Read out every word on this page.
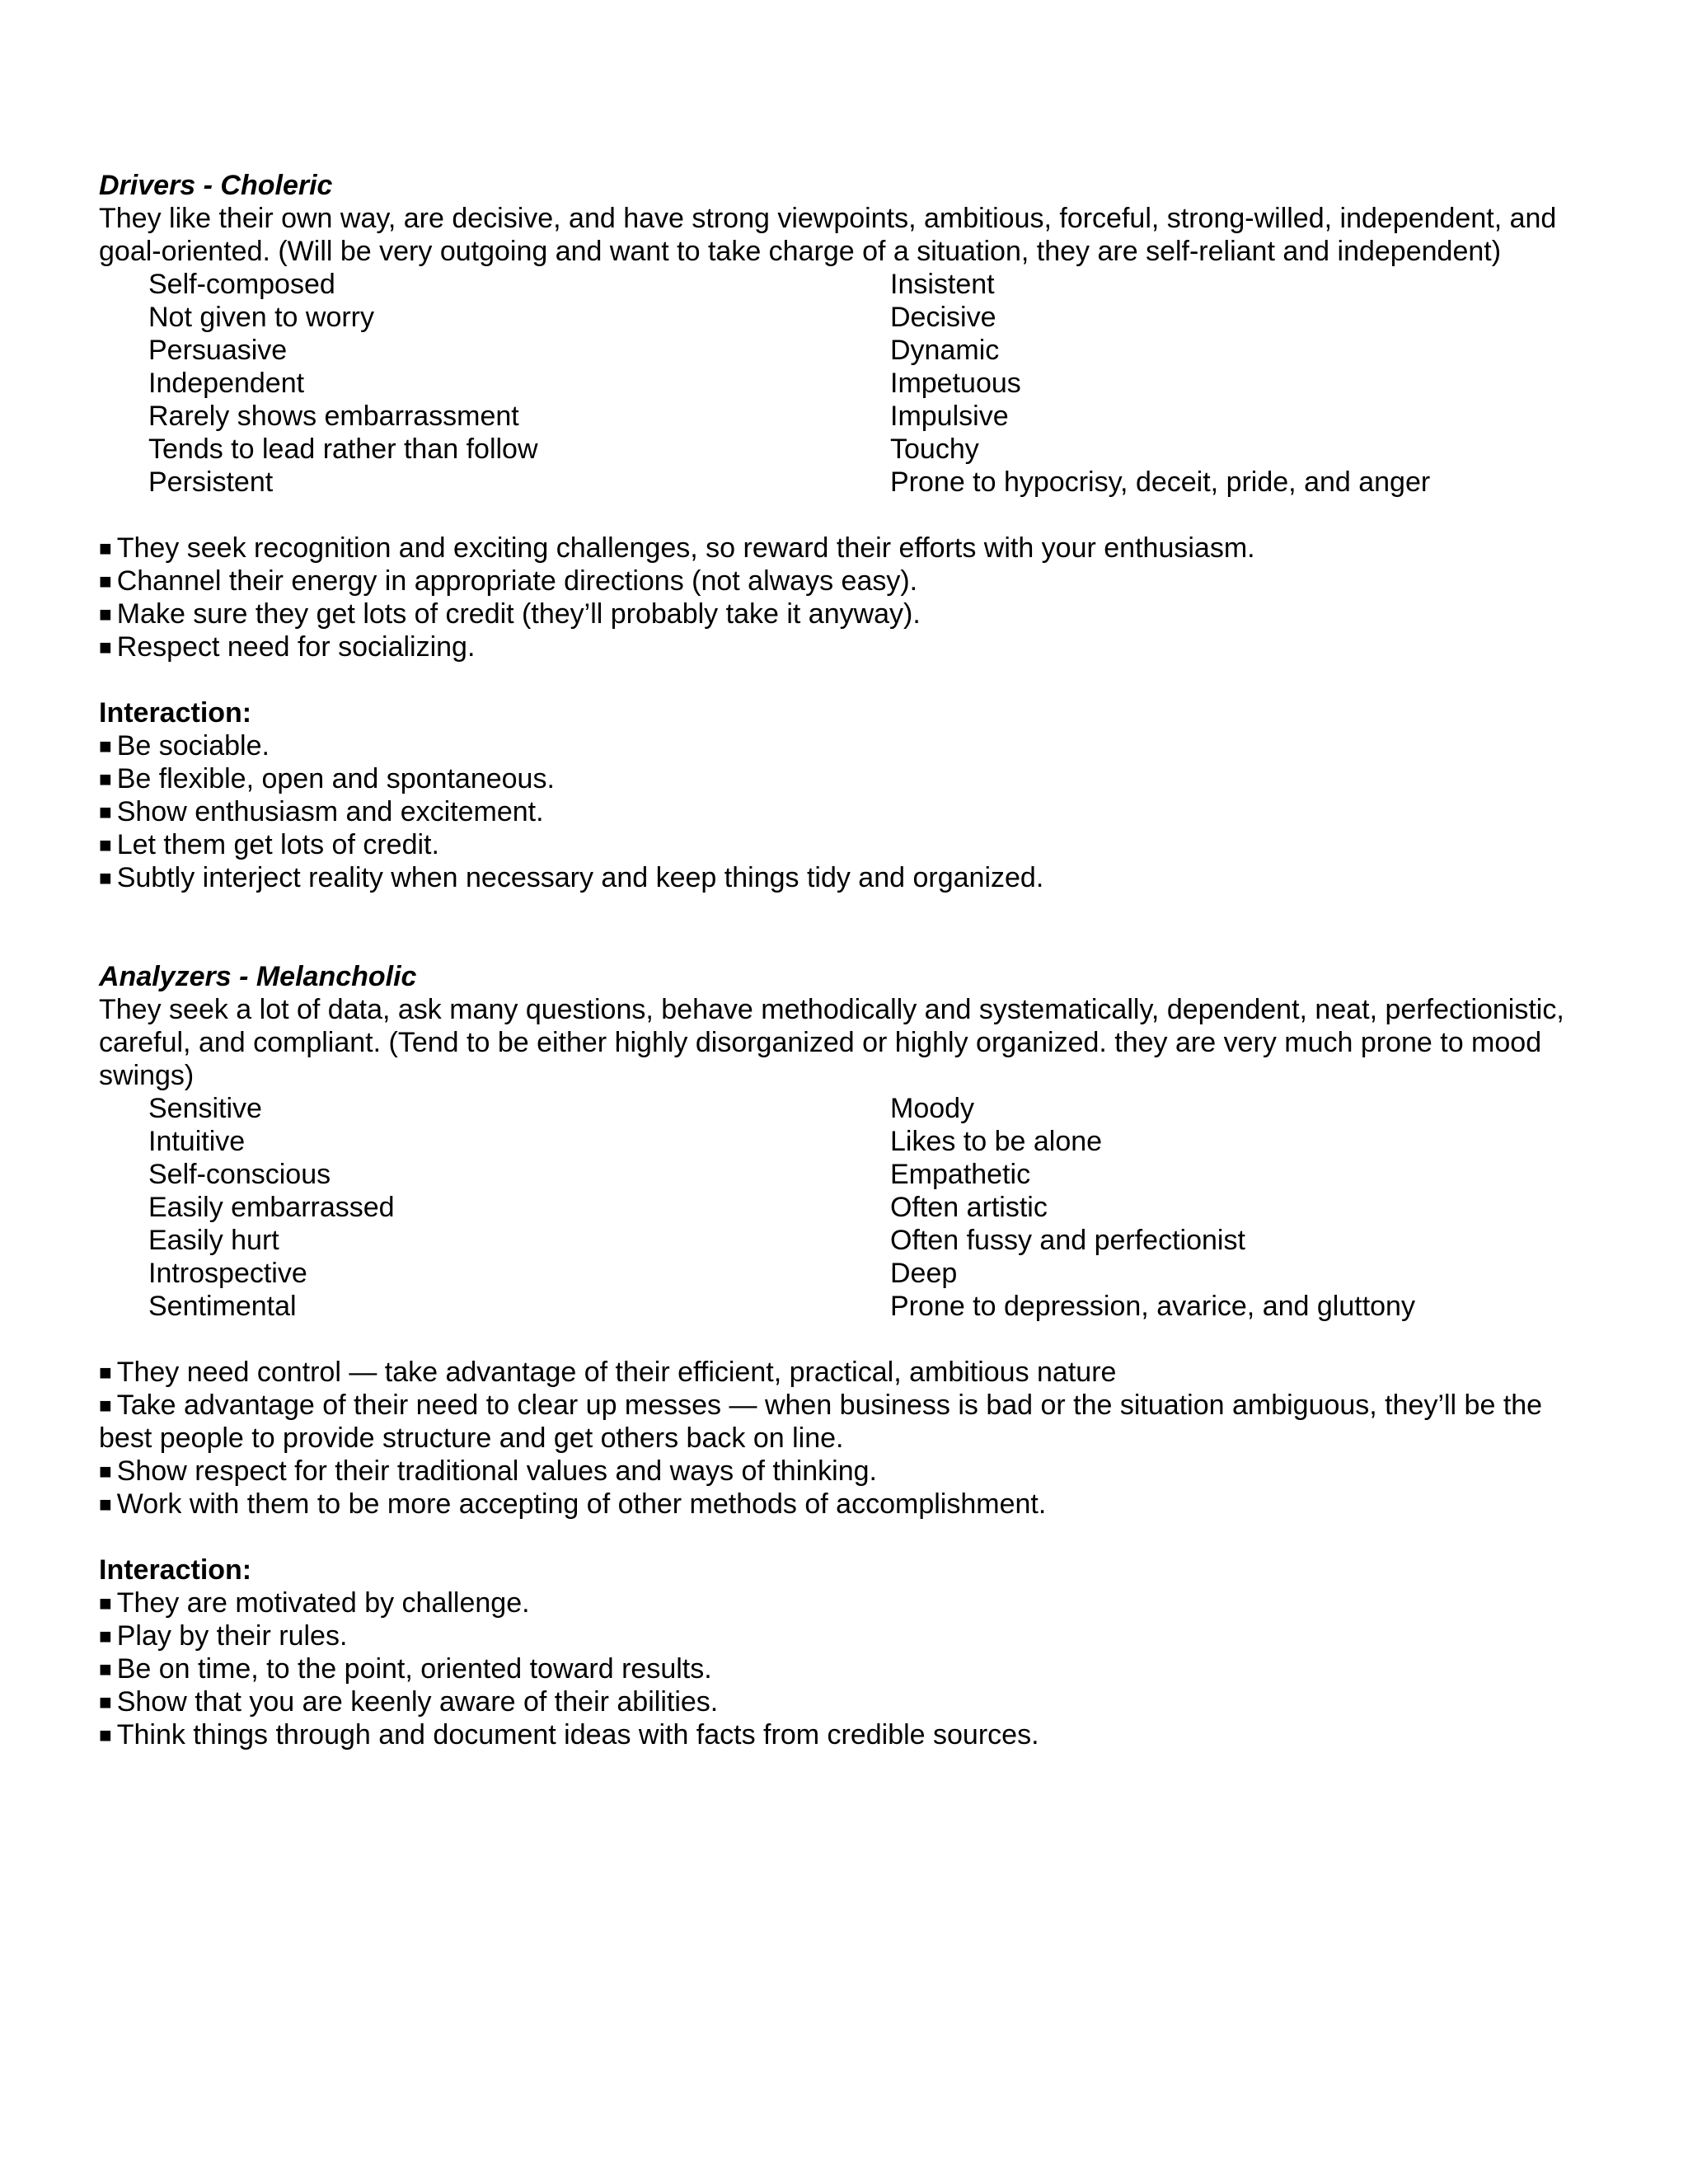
Drivers - Choleric

They like their own way, are decisive, and have strong viewpoints, ambitious, forceful, strong-willed, independent, and goal-oriented. (Will be very outgoing and want to take charge of a situation, they are self-reliant and independent)

Self-composed
Not given to worry
Persuasive
Independent
Rarely shows embarrassment
Tends to lead rather than follow
Persistent
Insistent
Decisive
Dynamic
Impetuous
Impulsive
Touchy
Prone to hypocrisy, deceit, pride, and anger
■ They seek recognition and exciting challenges, so reward their efforts with your enthusiasm.
■ Channel their energy in appropriate directions (not always easy).
■ Make sure they get lots of credit (they’ll probably take it anyway).
■ Respect need for socializing.

Interaction:

■ Be sociable.
■ Be flexible, open and spontaneous.
■ Show enthusiasm and excitement.
■ Let them get lots of credit.
■ Subtly interject reality when necessary and keep things tidy and organized.

Analyzers - Melancholic

They seek a lot of data, ask many questions, behave methodically and systematically, dependent, neat, perfectionistic, careful, and compliant. (Tend to be either highly disorganized or highly organized. they are very much prone to mood swings)

Sensitive
Intuitive
Self-conscious
Easily embarrassed
Easily hurt
Introspective
Sentimental
Moody
Likes to be alone
Empathetic
Often artistic
Often fussy and perfectionist
Deep
Prone to depression, avarice, and gluttony
■ They need control — take advantage of their efficient, practical, ambitious nature
■ Take advantage of their need to clear up messes — when business is bad or the situation ambiguous, they’ll be the best people to provide structure and get others back on line.
■ Show respect for their traditional values and ways of thinking.
■ Work with them to be more accepting of other methods of accomplishment.

Interaction:

■ They are motivated by challenge.
■ Play by their rules.
■ Be on time, to the point, oriented toward results.
■ Show that you are keenly aware of their abilities.
■ Think things through and document ideas with facts from credible sources.
